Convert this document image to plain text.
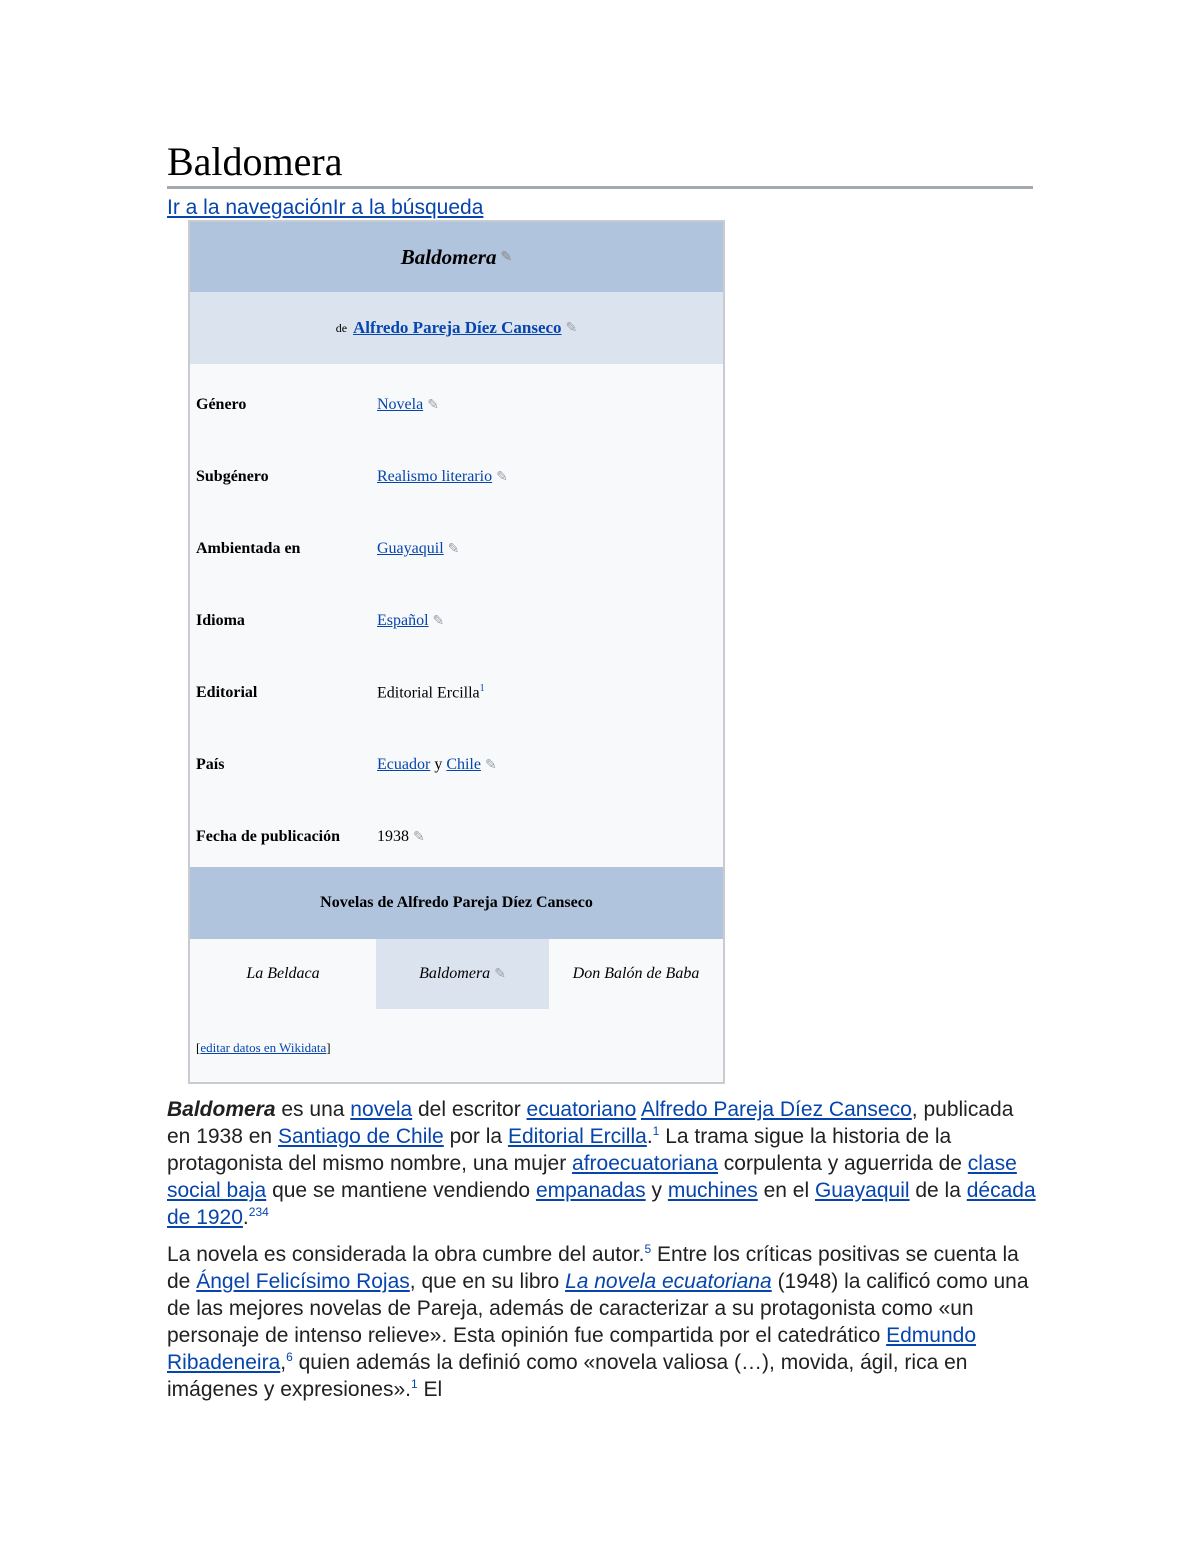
Baldomera
Ir a la navegaciónIr a la búsqueda
Baldomera ✎
de Alfredo Pareja Díez Canseco ✎
Género	Novela ✎
Subgénero	Realismo literario ✎
Ambientada en	Guayaquil ✎
Idioma	Español ✎
Editorial	Editorial Ercilla$^1$
País	Ecuador y Chile ✎
Fecha de publicación	1938 ✎
Novelas de Alfredo Pareja Díez Canseco
La Beldaca	Baldomera ✎	Don Balón de Baba
[editar datos en Wikidata]

Baldomera es una novela del escritor ecuatoriano Alfredo Pareja Díez Canseco, publicada en 1938 en Santiago de Chile por la Editorial Ercilla.$^1$ La trama sigue la historia de la protagonista del mismo nombre, una mujer afroecuatoriana corpulenta y aguerrida de clase social baja que se mantiene vendiendo empanadas y muchines en el Guayaquil de la década de 1920.$^{234}$

La novela es considerada la obra cumbre del autor.$^5$ Entre los críticas positivas se cuenta la de Ángel Felicísimo Rojas, que en su libro La novela ecuatoriana (1948) la calificó como una de las mejores novelas de Pareja, además de caracterizar a su protagonista como «un personaje de intenso relieve». Esta opinión fue compartida por el catedrático Edmundo Ribadeneira,$^6$ quien además la definió como «novela valiosa (…), movida, ágil, rica en imágenes y expresiones».$^1$ El
